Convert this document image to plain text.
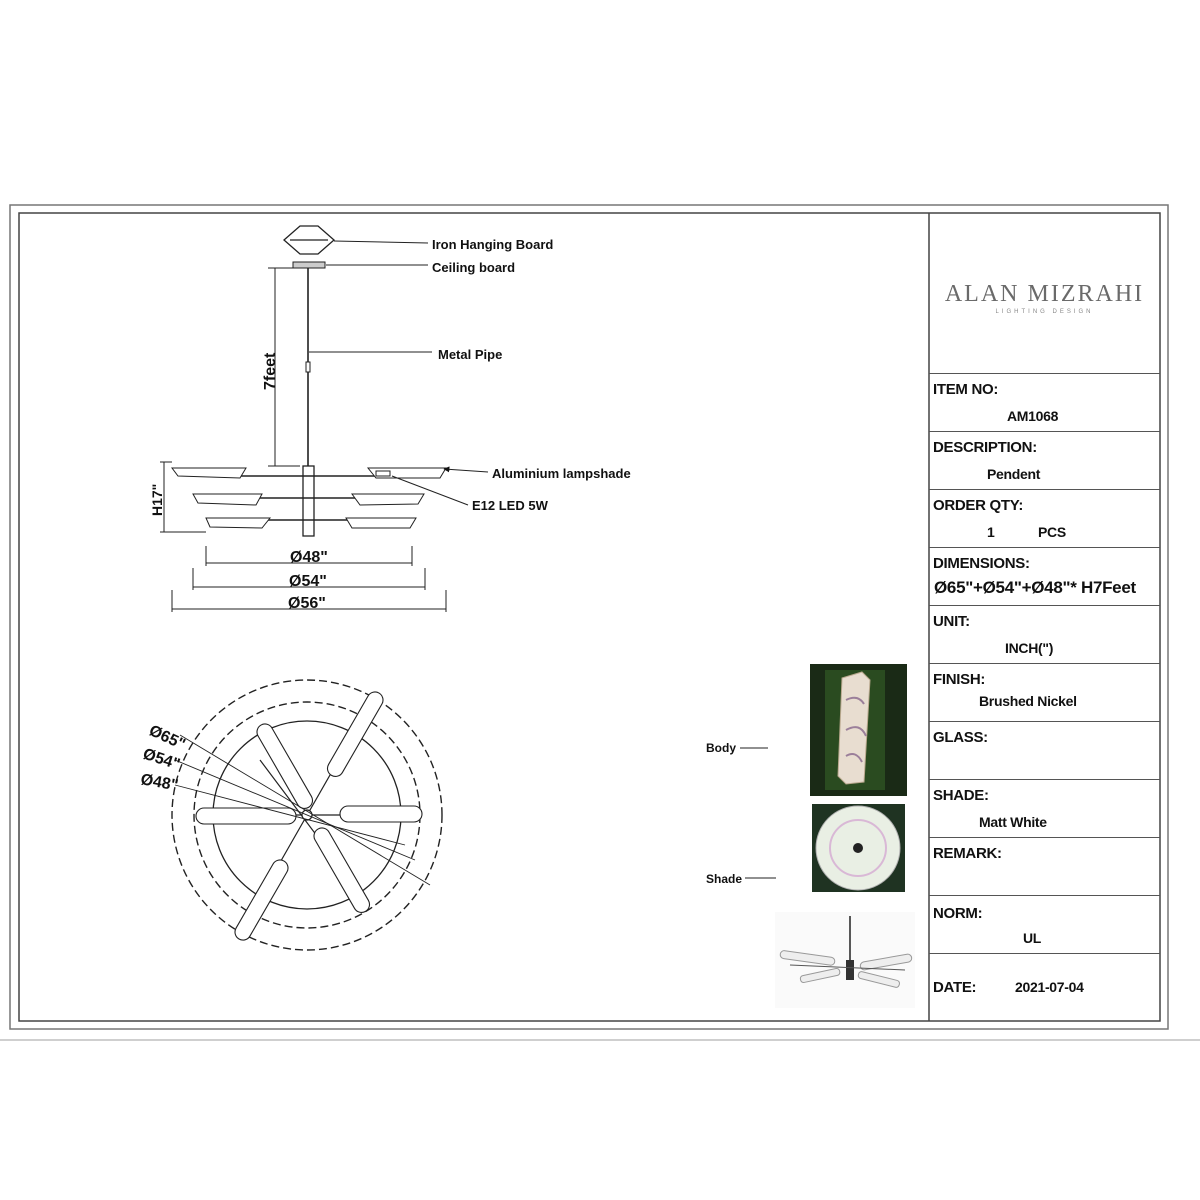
Iron Hanging Board
Ceiling board
Metal Pipe
Aluminium lampshade
E12 LED 5W
7feet
H17"
Ø48"
Ø54"
Ø56"
Ø65"
Ø54"
Ø48"
Body
Shade
ALAN MIZRAHI
LIGHTING DESIGN
ITEM NO:
AM1068
DESCRIPTION:
Pendent
ORDER QTY:
1	PCS
DIMENSIONS:
Ø65"+Ø54"+Ø48"* H7Feet
UNIT:
INCH(")
FINISH:
Brushed Nickel
GLASS:
SHADE:
Matt White
REMARK:
NORM:
UL
DATE:	2021-07-04
